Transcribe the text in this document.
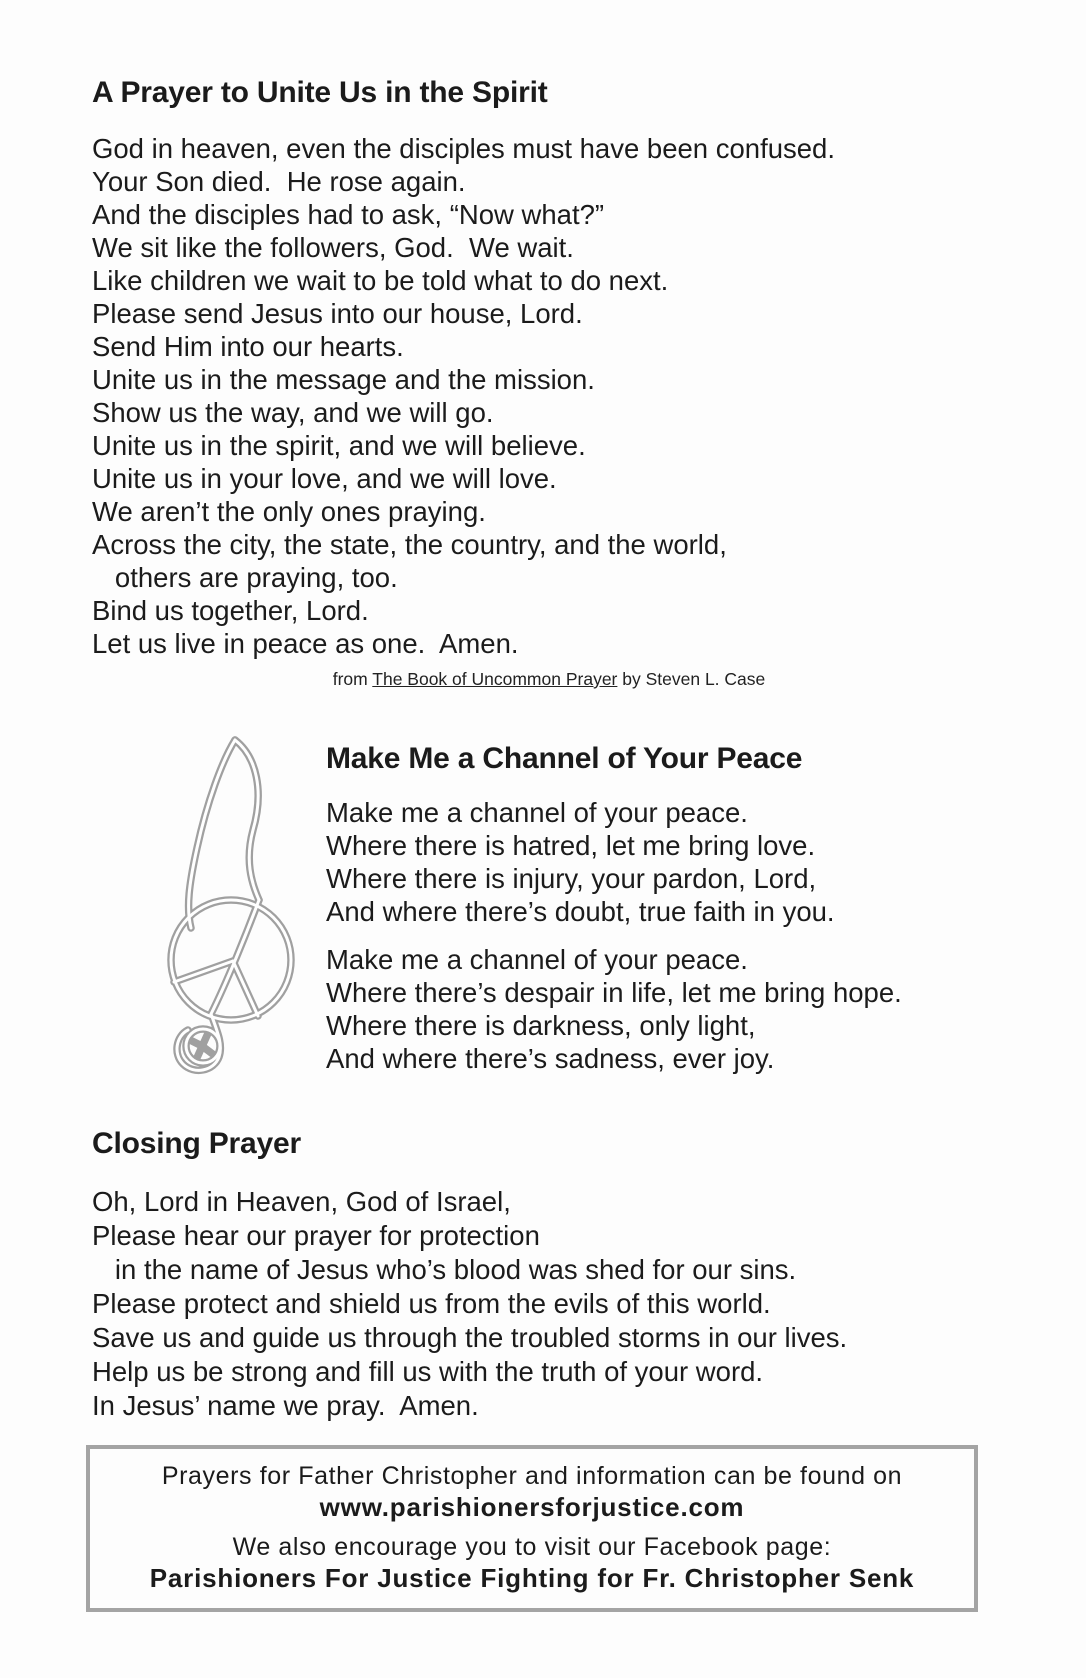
A Prayer to Unite Us in the Spirit
God in heaven, even the disciples must have been confused.
Your Son died.  He rose again.
And the disciples had to ask, “Now what?”
We sit like the followers, God.  We wait.
Like children we wait to be told what to do next.
Please send Jesus into our house, Lord.
Send Him into our hearts.
Unite us in the message and the mission.
Show us the way, and we will go.
Unite us in the spirit, and we will believe.
Unite us in your love, and we will love.
We aren’t the only ones praying.
Across the city, the state, the country, and the world,
others are praying, too.
Bind us together, Lord.
Let us live in peace as one.  Amen.
from The Book of Uncommon Prayer by Steven L. Case
Make Me a Channel of Your Peace
Make me a channel of your peace.
Where there is hatred, let me bring love.
Where there is injury, your pardon, Lord,
And where there’s doubt, true faith in you.
Make me a channel of your peace.
Where there’s despair in life, let me bring hope.
Where there is darkness, only light,
And where there’s sadness, ever joy.
Closing Prayer
Oh, Lord in Heaven, God of Israel,
Please hear our prayer for protection
in the name of Jesus who’s blood was shed for our sins.
Please protect and shield us from the evils of this world.
Save us and guide us through the troubled storms in our lives.
Help us be strong and fill us with the truth of your word.
In Jesus’ name we pray.  Amen.
Prayers for Father Christopher and information can be found on
www.parishionersforjustice.com
We also encourage you to visit our Facebook page:
Parishioners For Justice Fighting for Fr. Christopher Senk
